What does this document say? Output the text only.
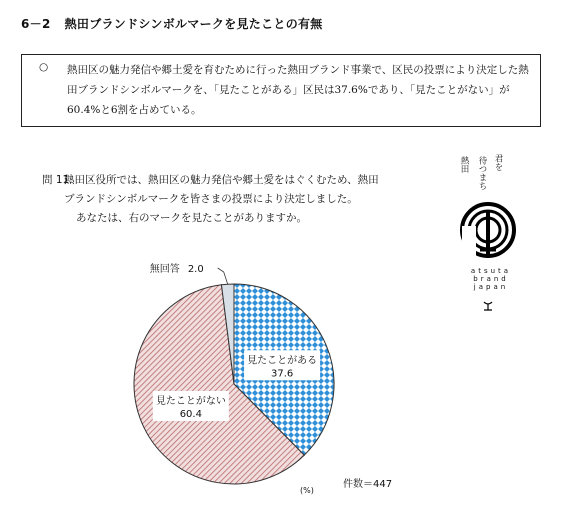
6－2 熱田ブランドシンボルマークを見たことの有無
○ 熱田区の魅力発信や郷土愛を育むために行った熱田ブランド事業で、区民の投票により決定した熱田ブランドシンボルマークを、「見たことがある」区民は37.6%であり、「見たことがない」が60.4%と6割を占めている。
問 11.
熱田区役所では、熱田区の魅力発信や郷土愛をはぐくむため、熱田
ブランドシンボルマークを皆さまの投票により決定しました。
あなたは、右のマークを見たことがありますか。
熱田 待つまち 君を
atsuta brand japan
見たことがある
37.6
見たことがない
60.4
無回答 2.0
件数＝447
(%)
